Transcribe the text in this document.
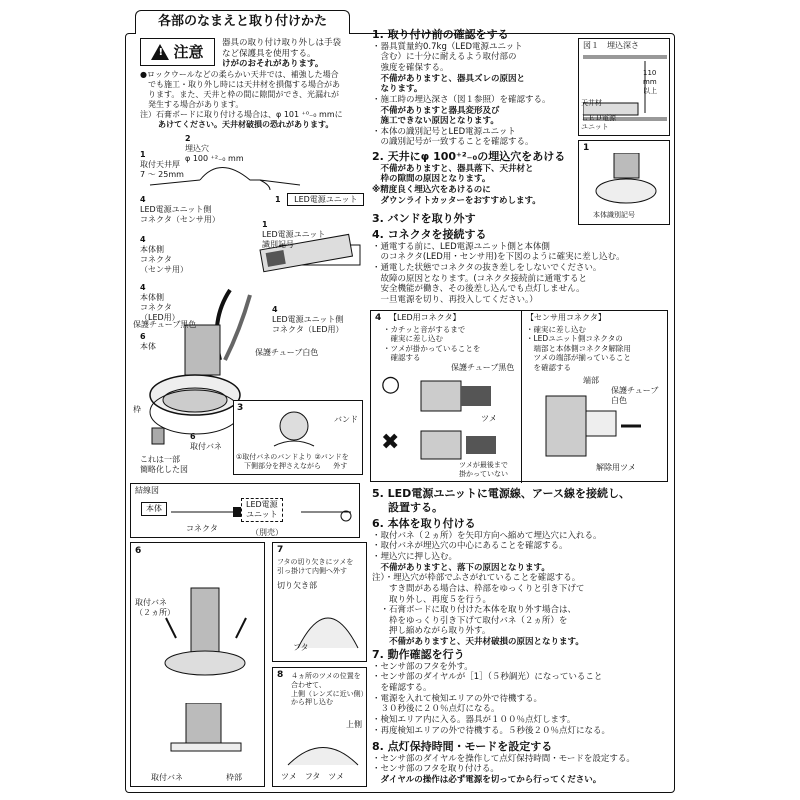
各部のなまえと取り付けかた
!
注意 器具の取り付け取り外しは手袋
など保護具を使用する。
けがのおそれがあります。
●ロックウールなどの柔らかい天井では、補強した場合
でも施工・取り外し時には天井材を損傷する場合があ
ります。また、天井と枠の間に隙間ができ、光漏れが
発生する場合があります。
注）石膏ボードに取り付ける場合は、φ 101 ⁺⁰₋₀ mmに
あけてください。天井材破損の恐れがあります。
2
埋込穴
φ 100 ⁺²₋₀ mm
1
取付天井厚
7 〜 25mm
1 LED電源ユニット
4
LED電源ユニット側
コネクタ（センサ用）
1
LED電源ユニット
識別記号
4
本体側
コネクタ
（センサ用）
4
本体側
コネクタ
（LED用）
4
LED電源ユニット側
コネクタ（LED用）
保護チューブ黒色
6
本体
保護チューブ白色
枠
6
取付バネ
これは一部
簡略化した図
3
バンド
①取付バネのバンドより ②バンドを
下側部分を押さえながら 外す
結線図
本体	LED電源
ユニット
コネクタ	（別売）
6
取付バネ
（２ヵ所）
取付バネ	枠部
7
フタの切り欠きにツメを
引っ掛けて内側へ外す
切り欠き部
フタ
8 ４ヵ所のツメの位置を
合わせて、
上側（レンズに近い側）
から押し込む
上側
ツメ フタ ツメ
1. 取り付け前の確認をする
・器具質量約0.7kg（LED電源ユニット
　含む）に十分に耐えるよう取付部の
　強度を確保する。
　不備がありますと、器具ズレの原因と
　なります。
・施工時の埋込深さ（図１参照）を確認する。
　不備がありますと器具変形及び
　施工できない原因となります。
・本体の識別記号とLED電源ユニット
　の識別記号が一致することを確認する。
図１　埋込深さ
110
mm
以上
天井材
ＬＥＤ電源
ユニット
1
本体識別記号
2. 天井にφ 100⁺²₋₀の埋込穴をあける
　不備がありますと、器具落下、天井材と
　枠の隙間の原因となります。
※精度良く埋込穴をあけるのに
　ダウンライトカッターをおすすめします。
3. バンドを取り外す
4. コネクタを接続する
・通電する前に、LED電源ユニット側と本体側
　のコネクタ(LED用・センサ用)を下図のように確実に差し込む。
・通電した状態でコネクタの抜き差しをしないでください。
　故障の原因となります。(コネクタ接続前に通電すると
　安全機能が働き、その後差し込んでも点灯しません。
　一旦電源を切り、再投入してください。）
4 【LED用コネクタ】
・カチッと音がするまで
　確実に差し込む
・ツメが掛かっていることを
　確認する
○
✖
保護チューブ黒色
ツメ
ツメが最後まで
掛かっていない
【センサ用コネクタ】
・確実に差し込む
・LEDユニット側コネクタの
　端部と本体側コネクタ解除用
　ツメの端部が揃っていること
　を確認する
端部
保護チューブ
白色
解除用ツメ
5. LED電源ユニットに電源線、アース線を接続し、
設置する。
6. 本体を取り付ける
・取付バネ（２ヵ所）を矢印方向へ縮めて埋込穴に入れる。
・取付バネが埋込穴の中心にあることを確認する。
・埋込穴に押し込む。
　不備がありますと、落下の原因となります。
注）・埋込穴が枠部でふさがれていることを確認する。
　　すき間がある場合は、枠部をゆっくりと引き下げて
　　取り外し、再度５を行う。
　・石膏ボードに取り付けた本体を取り外す場合は、
　　枠をゆっくり引き下げて取付バネ（２ヵ所）を
　　押し縮めながら取り外す。
　　不備がありますと、天井材破損の原因となります。
7. 動作確認を行う
・センサ部のフタを外す。
・センサ部のダイヤルが［1］（５秒調光）になっていること
　を確認する。
・電源を入れて検知エリアの外で待機する。
　３０秒後に２０％点灯になる。
・検知エリア内に入る。器具が１００％点灯します。
・再度検知エリアの外で待機する。５秒後２０％点灯になる。
8. 点灯保持時間・モードを設定する
・センサ部のダイヤルを操作して点灯保持時間・モードを設定する。
・センサ部のフタを取り付ける。
　ダイヤルの操作は必ず電源を切ってから行ってください。
